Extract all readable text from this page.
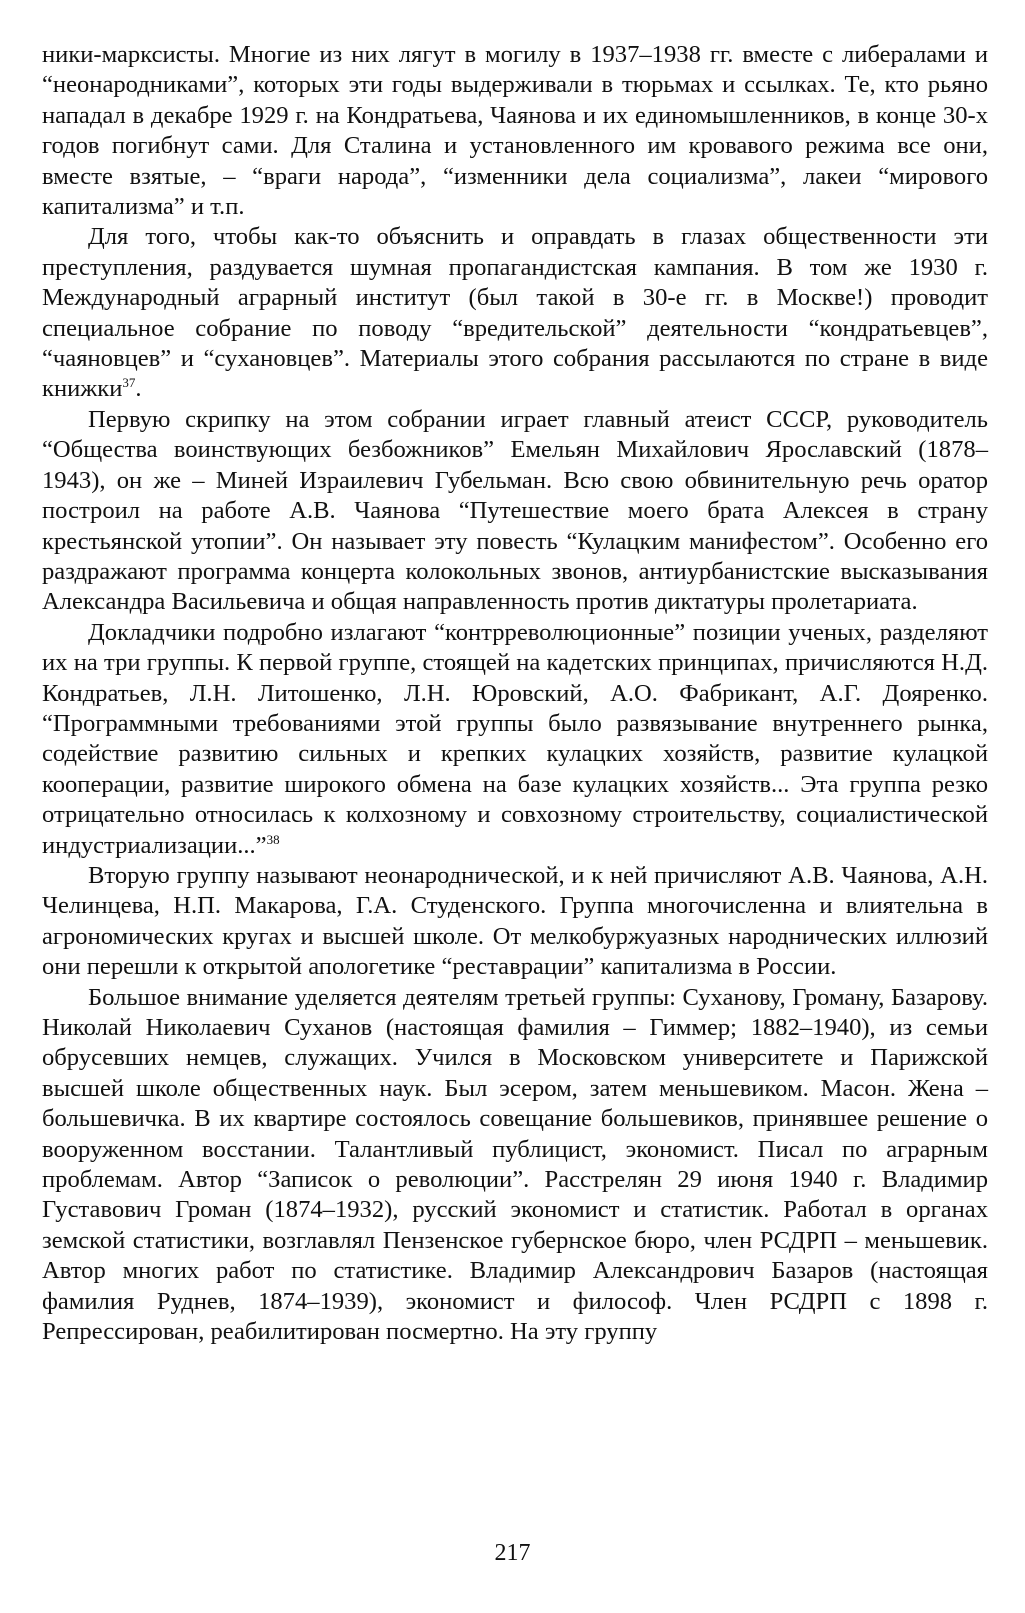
ники-марксисты. Многие из них лягут в могилу в 1937–1938 гг. вместе с либералами и “неонародниками”, которых эти годы выдерживали в тюрьмах и ссылках. Те, кто рьяно нападал в декабре 1929 г. на Кондратьева, Чаянова и их единомышленников, в конце 30-х годов погибнут сами. Для Сталина и установленного им кровавого режима все они, вместе взятые, – “враги народа”, “изменники дела социализма”, лакеи “мирового капитализма” и т.п.

Для того, чтобы как-то объяснить и оправдать в глазах общественности эти преступления, раздувается шумная пропагандистская кампания. В том же 1930 г. Международный аграрный институт (был такой в 30-е гг. в Москве!) проводит специальное собрание по поводу “вредительской” деятельности “кондратьевцев”, “чаяновцев” и “сухановцев”. Материалы этого собрания рассылаются по стране в виде книжки$^{37}$.

Первую скрипку на этом собрании играет главный атеист СССР, руководитель “Общества воинствующих безбожников” Емельян Михайлович Ярославский (1878–1943), он же – Миней Израилевич Губельман. Всю свою обвинительную речь оратор построил на работе А.В. Чаянова “Путешествие моего брата Алексея в страну крестьянской утопии”. Он называет эту повесть “Кулацким манифестом”. Особенно его раздражают программа концерта колокольных звонов, антиурбанистские высказывания Александра Васильевича и общая направленность против диктатуры пролетариата.

Докладчики подробно излагают “контрреволюционные” позиции ученых, разделяют их на три группы. К первой группе, стоящей на кадетских принципах, причисляются Н.Д. Кондратьев, Л.Н. Литошенко, Л.Н. Юровский, А.О. Фабрикант, А.Г. Дояренко. “Программными требованиями этой группы было развязывание внутреннего рынка, содействие развитию сильных и крепких кулацких хозяйств, развитие кулацкой кооперации, развитие широкого обмена на базе кулацких хозяйств... Эта группа резко отрицательно относилась к колхозному и совхозному строительству, социалистической индустриализации...”$^{38}$

Вторую группу называют неонароднической, и к ней причисляют А.В. Чаянова, А.Н. Челинцева, Н.П. Макарова, Г.А. Студенского. Группа многочисленна и влиятельна в агрономических кругах и высшей школе. От мелкобуржуазных народнических иллюзий они перешли к открытой апологетике “реставрации” капитализма в России.

Большое внимание уделяется деятелям третьей группы: Суханову, Громану, Базарову. Николай Николаевич Суханов (настоящая фамилия – Гиммер; 1882–1940), из семьи обрусевших немцев, служащих. Учился в Московском университете и Парижской высшей школе общественных наук. Был эсером, затем меньшевиком. Масон. Жена – большевичка. В их квартире состоялось совещание большевиков, принявшее решение о вооруженном восстании. Талантливый публицист, экономист. Писал по аграрным проблемам. Автор “Записок о революции”. Расстрелян 29 июня 1940 г. Владимир Густавович Громан (1874–1932), русский экономист и статистик. Работал в органах земской статистики, возглавлял Пензенское губернское бюро, член РСДРП – меньшевик. Автор многих работ по статистике. Владимир Александрович Базаров (настоящая фамилия Руднев, 1874–1939), экономист и философ. Член РСДРП с 1898 г. Репрессирован, реабилитирован посмертно. На эту группу

217
